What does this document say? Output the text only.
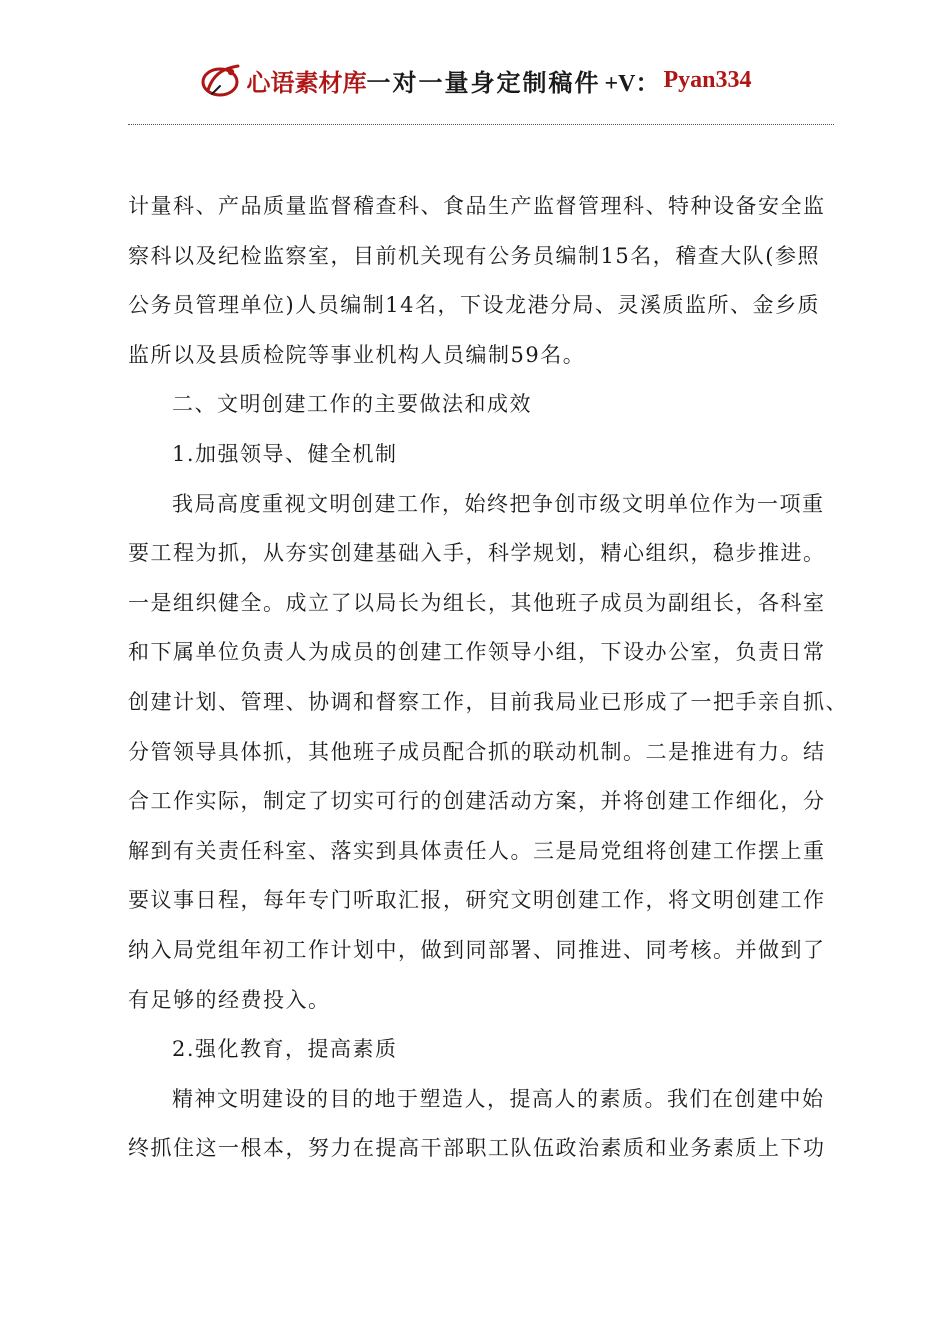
心语素材库 一对一量身定制稿件 +V： Pyan334
计量科、产品质量监督稽查科、食品生产监督管理科、特种设备安全监
察科以及纪检监察室，目前机关现有公务员编制15名，稽查大队(参照
公务员管理单位)人员编制14名，下设龙港分局、灵溪质监所、金乡质
监所以及县质检院等事业机构人员编制59名。
二、文明创建工作的主要做法和成效
1.加强领导、健全机制
我局高度重视文明创建工作，始终把争创市级文明单位作为一项重
要工程为抓，从夯实创建基础入手，科学规划，精心组织，稳步推进。
一是组织健全。成立了以局长为组长，其他班子成员为副组长，各科室
和下属单位负责人为成员的创建工作领导小组，下设办公室，负责日常
创建计划、管理、协调和督察工作，目前我局业已形成了一把手亲自抓、
分管领导具体抓，其他班子成员配合抓的联动机制。二是推进有力。结
合工作实际，制定了切实可行的创建活动方案，并将创建工作细化，分
解到有关责任科室、落实到具体责任人。三是局党组将创建工作摆上重
要议事日程，每年专门听取汇报，研究文明创建工作，将文明创建工作
纳入局党组年初工作计划中，做到同部署、同推进、同考核。并做到了
有足够的经费投入。
2.强化教育，提高素质
精神文明建设的目的地于塑造人，提高人的素质。我们在创建中始
终抓住这一根本，努力在提高干部职工队伍政治素质和业务素质上下功
